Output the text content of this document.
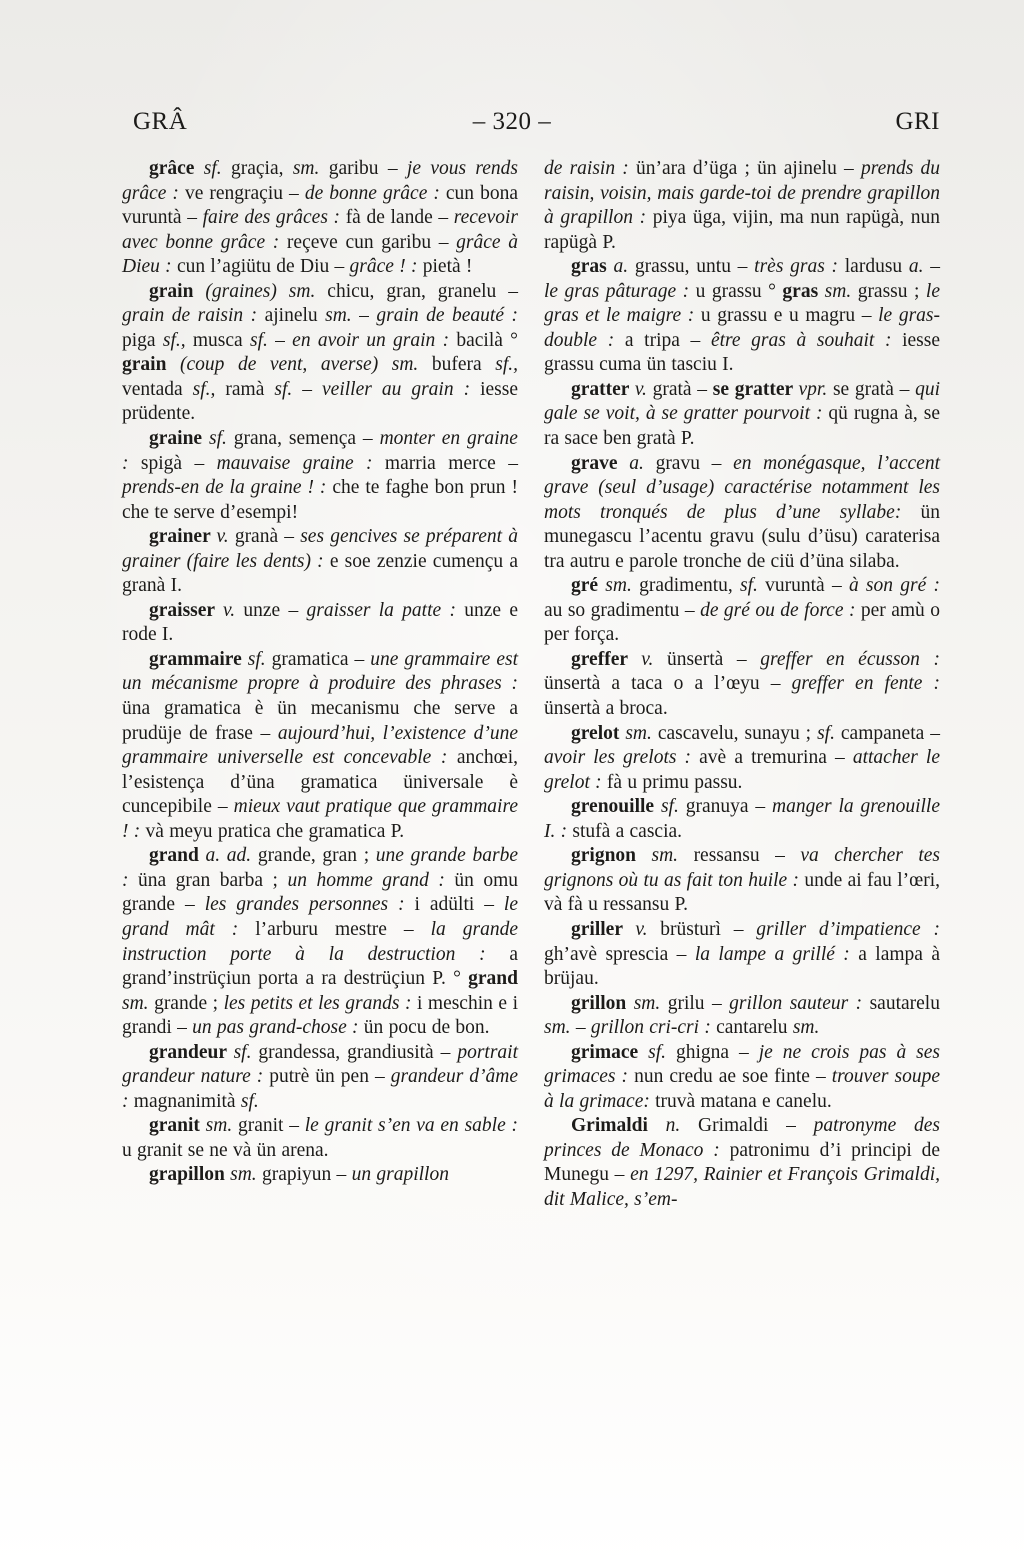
GRÂ	– 320 –	GRI

grâce sf. graçia, sm. garibu – je vous rends grâce : ve rengraçiu – de bonne grâce : cun bona vuruntà – faire des grâces : fà de lande – recevoir avec bonne grâce : reçeve cun garibu – grâce à Dieu : cun l’agiütu de Diu – grâce ! : pietà !

grain (graines) sm. chicu, gran, granelu – grain de raisin : ajinelu sm. – grain de beauté : piga sf., musca sf. – en avoir un grain : bacilà ° grain (coup de vent, averse) sm. bufera sf., ventada sf., ramà sf. – veiller au grain : iesse prüdente.

graine sf. grana, semença – monter en graine : spigà – mauvaise graine : marria merce – prends-en de la graine ! : che te faghe bon prun ! che te serve d’esempi!

grainer v. granà – ses gencives se préparent à grainer (faire les dents) : e soe zenzie cumençu a granà I.

graisser v. unze – graisser la patte : unze e rode I.

grammaire sf. gramatica – une grammaire est un mécanisme propre à produire des phrases : üna gramatica è ün mecanismu che serve a prudüje de frase – aujourd’hui, l’existence d’une grammaire universelle est concevable : anchœi, l’esistença d’üna gramatica üniversale è cuncepibile – mieux vaut pratique que grammaire ! : và meyu pratica che gramatica P.

grand a. ad. grande, gran ; une grande barbe : üna gran barba ; un homme grand : ün omu grande – les grandes personnes : i adülti – le grand mât : l’arburu mestre – la grande instruction porte à la destruction : a grand’instrüçiun porta a ra destrüçiun P. ° grand sm. grande ; les petits et les grands : i meschin e i grandi – un pas grand-chose : ün pocu de bon.

grandeur sf. grandessa, grandiusità – portrait grandeur nature : putrè ün pen – grandeur d’âme : magnanimità sf.

granit sm. granit – le granit s’en va en sable : u granit se ne và ün arena.

grapillon sm. grapiyun – un grapillon

de raisin : ün’ara d’üga ; ün ajinelu – prends du raisin, voisin, mais garde-toi de prendre grapillon à grapillon : piya üga, vijin, ma nun rapügà, nun rapügà P.

gras a. grassu, untu – très gras : lardusu a. – le gras pâturage : u grassu ° gras sm. grassu ; le gras et le maigre : u grassu e u magru – le gras-double : a tripa – être gras à souhait : iesse grassu cuma ün tasciu I.

gratter v. gratà – se gratter vpr. se gratà – qui gale se voit, à se gratter pourvoit : qü rugna à, se ra sace ben gratà P.

grave a. gravu – en monégasque, l’accent grave (seul d’usage) caractérise notamment les mots tronqués de plus d’une syllabe: ün munegascu l’acentu gravu (sulu d’üsu) caraterisa tra autru e parole tronche de ciü d’üna silaba.

gré sm. gradimentu, sf. vuruntà – à son gré : au so gradimentu – de gré ou de force : per amù o per força.

greffer v. ünsertà – greffer en écusson : ünsertà a taca o a l’œyu – greffer en fente : ünsertà a broca.

grelot sm. cascavelu, sunayu ; sf. campaneta – avoir les grelots : avè a tremurina – attacher le grelot : fà u primu passu.

grenouille sf. granuya – manger la grenouille I. : stufà a cascia.

grignon sm. ressansu – va chercher tes grignons où tu as fait ton huile : unde ai fau l’œri, và fà u ressansu P.

griller v. brüsturì – griller d’impatience : gh’avè sprescia – la lampe a grillé : a lampa à brüjau.

grillon sm. grilu – grillon sauteur : sautarelu sm. – grillon cri-cri : cantarelu sm.

grimace sf. ghigna – je ne crois pas à ses grimaces : nun credu ae soe finte – trouver soupe à la grimace: truvà matana e canelu.

Grimaldi n. Grimaldi – patronyme des princes de Monaco : patronimu d’i principi de Munegu – en 1297, Rainier et François Grimaldi, dit Malice, s’em-
